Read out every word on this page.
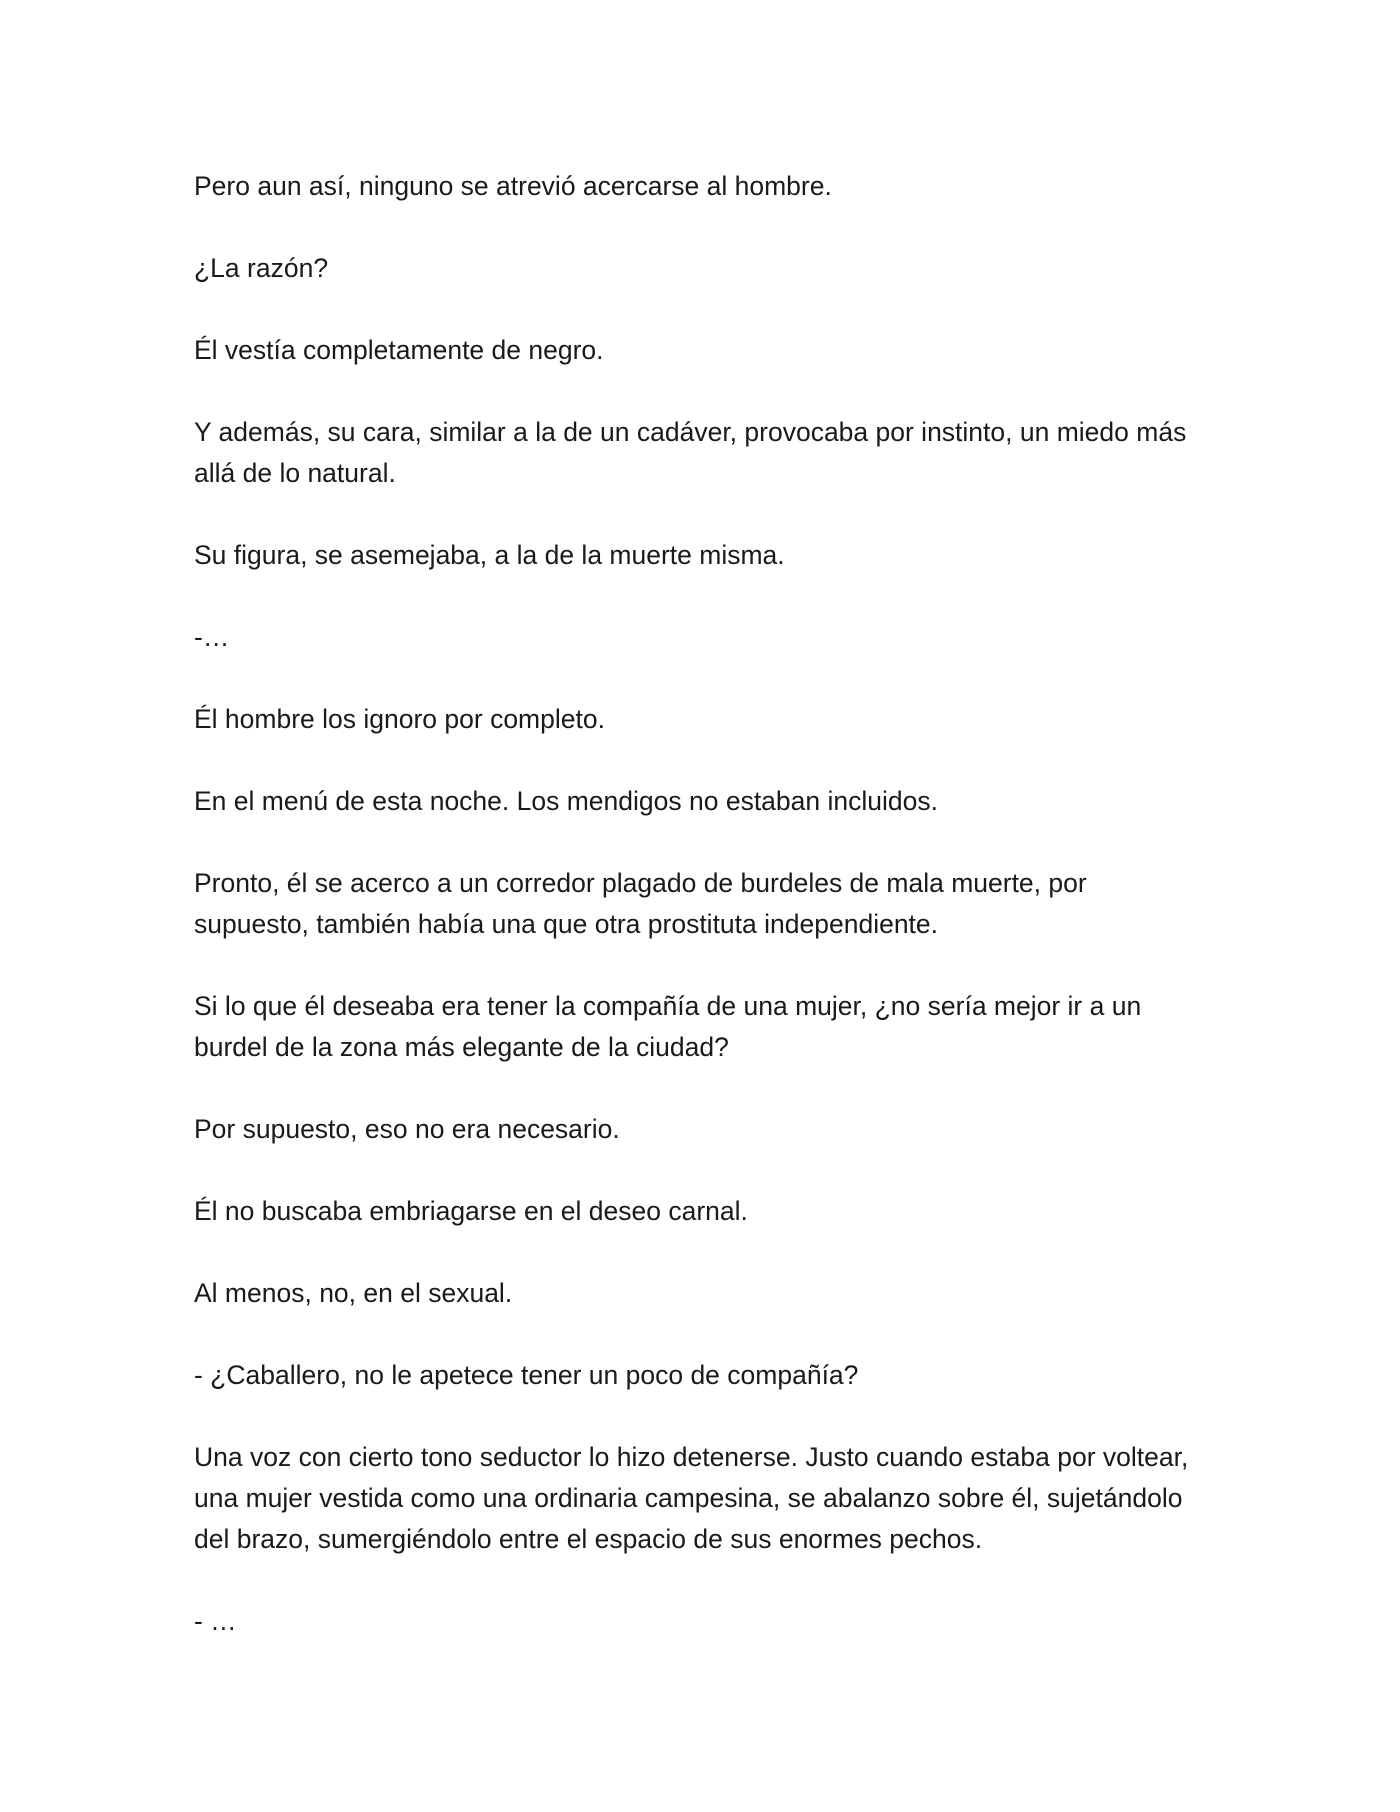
Pero aun así, ninguno se atrevió acercarse al hombre.

¿La razón?

Él vestía completamente de negro.

Y además, su cara, similar a la de un cadáver, provocaba por instinto, un miedo más allá de lo natural.

Su figura, se asemejaba, a la de la muerte misma.

-…

Él hombre los ignoro por completo.

En el menú de esta noche. Los mendigos no estaban incluidos.

Pronto, él se acerco a un corredor plagado de burdeles de mala muerte, por supuesto, también había una que otra prostituta independiente.

Si lo que él deseaba era tener la compañía de una mujer, ¿no sería mejor ir a un burdel de la zona más elegante de la ciudad?

Por supuesto, eso no era necesario.

Él no buscaba embriagarse en el deseo carnal.

Al menos, no, en el sexual.

- ¿Caballero, no le apetece tener un poco de compañía?

Una voz con cierto tono seductor lo hizo detenerse. Justo cuando estaba por voltear, una mujer vestida como una ordinaria campesina, se abalanzo sobre él, sujetándolo del brazo, sumergiéndolo entre el espacio de sus enormes pechos.

- …
